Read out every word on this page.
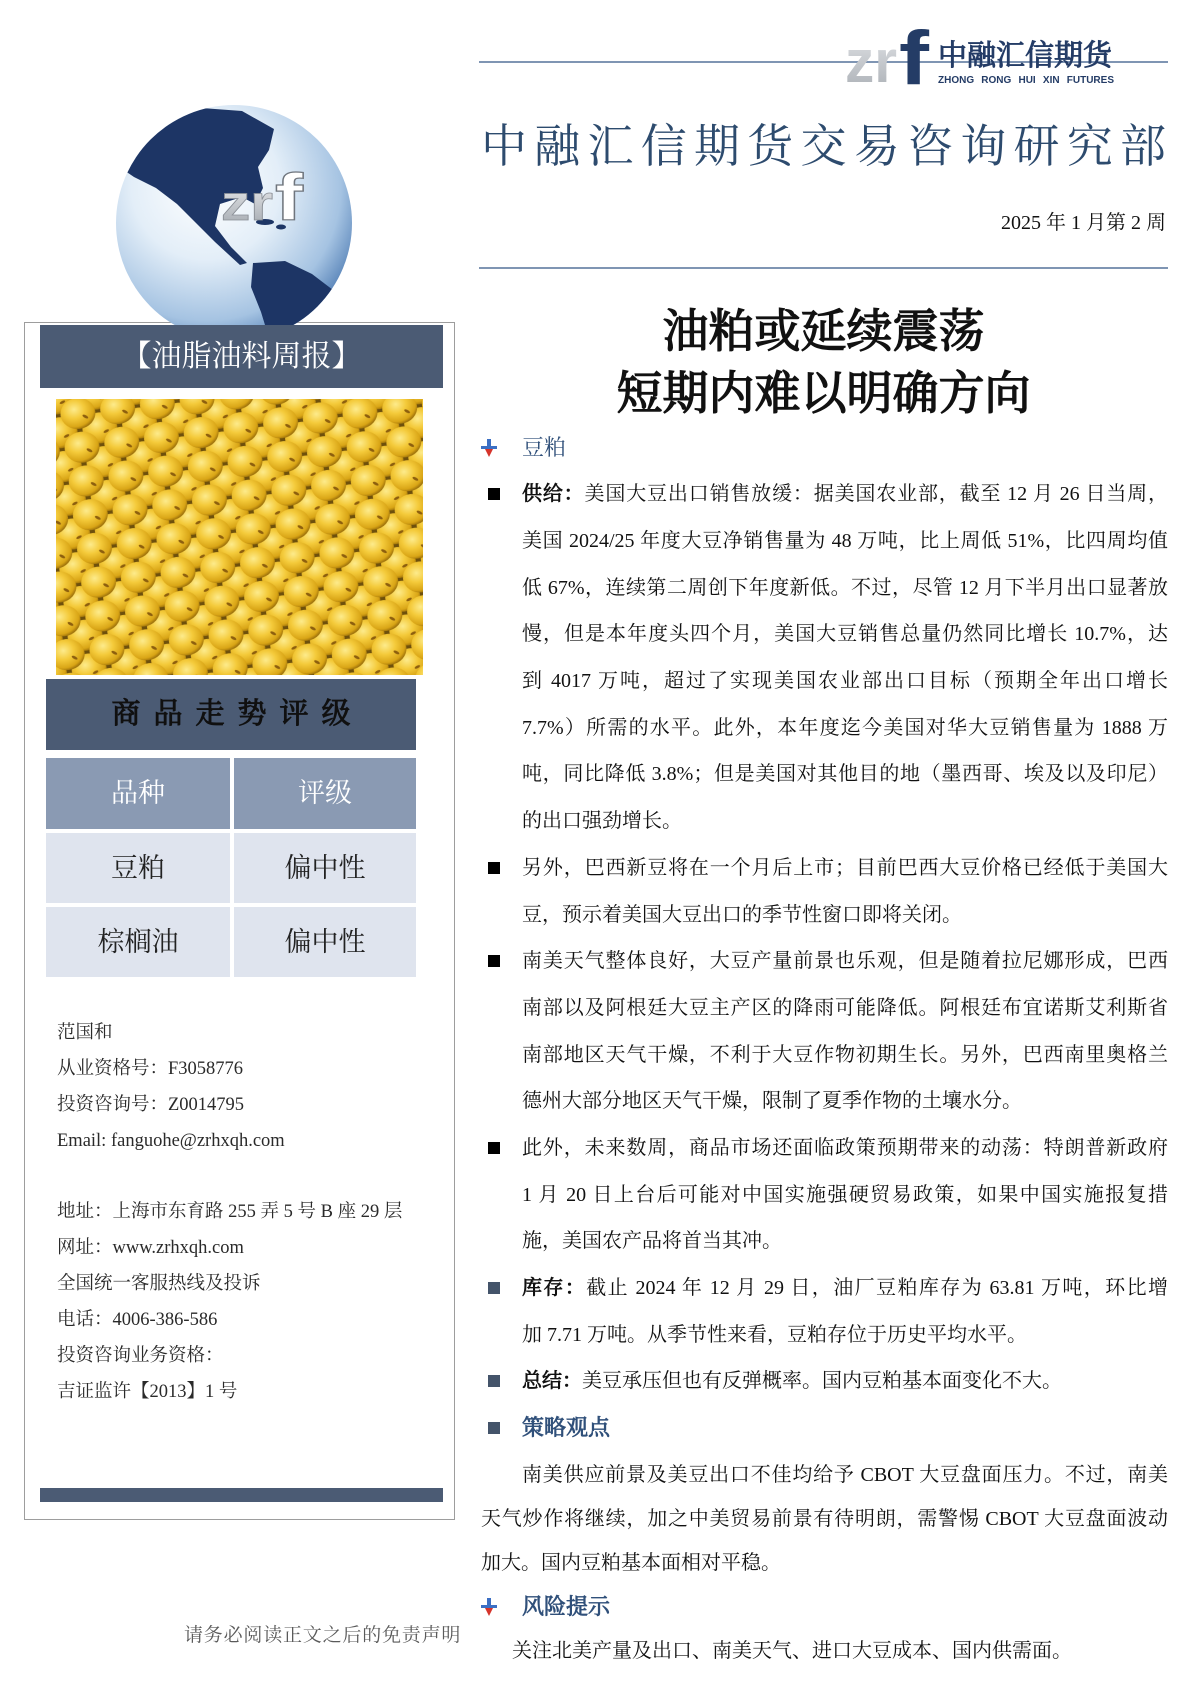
zr f 中融汇信期货
ZHONG RONG HUI XIN FUTURES
中融汇信期货交易咨询研究部
2025 年 1 月第 2 周
zr f
【油脂油料周报】
商品走势评级
品种	评级
豆粕	偏中性
棕榈油	偏中性
范国和
从业资格号：F3058776
投资咨询号：Z0014795
Email: fanguohe@zrhxqh.com
地址：上海市东育路 255 弄 5 号 B 座 29 层
网址：www.zrhxqh.com
全国统一客服热线及投诉
电话：4006-386-586
投资咨询业务资格：
吉证监许【2013】1 号
请务必阅读正文之后的免责声明
油粕或延续震荡
短期内难以明确方向
豆粕
供给：美国大豆出口销售放缓：据美国农业部，截至 12 月 26 日当周，
美国 2024/25 年度大豆净销售量为 48 万吨，比上周低 51%，比四周均值
低 67%，连续第二周创下年度新低。不过，尽管 12 月下半月出口显著放
慢，但是本年度头四个月，美国大豆销售总量仍然同比增长 10.7%，达
到 4017 万吨，超过了实现美国农业部出口目标（预期全年出口增长
7.7%）所需的水平。此外，本年度迄今美国对华大豆销售量为 1888 万
吨，同比降低 3.8%；但是美国对其他目的地（墨西哥、埃及以及印尼）
的出口强劲增长。
另外，巴西新豆将在一个月后上市；目前巴西大豆价格已经低于美国大
豆，预示着美国大豆出口的季节性窗口即将关闭。
南美天气整体良好，大豆产量前景也乐观，但是随着拉尼娜形成，巴西
南部以及阿根廷大豆主产区的降雨可能降低。阿根廷布宜诺斯艾利斯省
南部地区天气干燥，不利于大豆作物初期生长。另外，巴西南里奥格兰
德州大部分地区天气干燥，限制了夏季作物的土壤水分。
此外，未来数周，商品市场还面临政策预期带来的动荡：特朗普新政府
1 月 20 日上台后可能对中国实施强硬贸易政策，如果中国实施报复措
施，美国农产品将首当其冲。
库存：截止 2024 年 12 月 29 日，油厂豆粕库存为 63.81 万吨，环比增
加 7.71 万吨。从季节性来看，豆粕存位于历史平均水平。
总结：美豆承压但也有反弹概率。国内豆粕基本面变化不大。
策略观点
南美供应前景及美豆出口不佳均给予 CBOT 大豆盘面压力。不过，南美
天气炒作将继续，加之中美贸易前景有待明朗，需警惕 CBOT 大豆盘面波动
加大。国内豆粕基本面相对平稳。
风险提示
关注北美产量及出口、南美天气、进口大豆成本、国内供需面。
